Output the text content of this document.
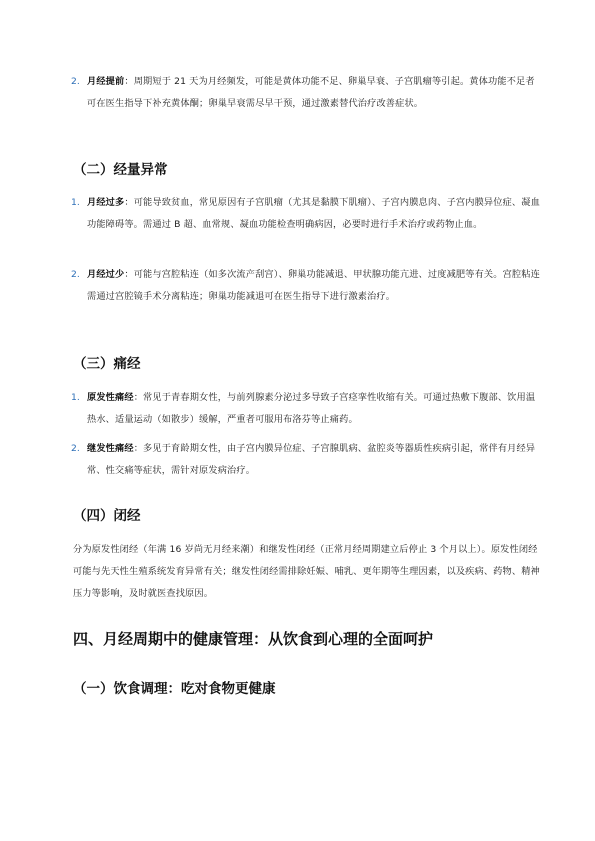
2. 月经提前：周期短于 21 天为月经频发，可能是黄体功能不足、卵巢早衰、子宫肌瘤等引起。黄体功能不足者可在医生指导下补充黄体酮；卵巢早衰需尽早干预，通过激素替代治疗改善症状。

（二）经量异常
1. 月经过多：可能导致贫血，常见原因有子宫肌瘤（尤其是黏膜下肌瘤）、子宫内膜息肉、子宫内膜异位症、凝血功能障碍等。需通过 B 超、血常规、凝血功能检查明确病因，必要时进行手术治疗或药物止血。

2. 月经过少：可能与宫腔粘连（如多次流产刮宫）、卵巢功能减退、甲状腺功能亢进、过度减肥等有关。宫腔粘连需通过宫腔镜手术分离粘连；卵巢功能减退可在医生指导下进行激素治疗。

（三）痛经
1. 原发性痛经：常见于青春期女性，与前列腺素分泌过多导致子宫痉挛性收缩有关。可通过热敷下腹部、饮用温热水、适量运动（如散步）缓解，严重者可服用布洛芬等止痛药。

2. 继发性痛经：多见于育龄期女性，由子宫内膜异位症、子宫腺肌病、盆腔炎等器质性疾病引起，常伴有月经异常、性交痛等症状，需针对原发病治疗。

（四）闭经

分为原发性闭经（年满 16 岁尚无月经来潮）和继发性闭经（正常月经周期建立后停止 3 个月以上）。原发性闭经可能与先天性生殖系统发育异常有关；继发性闭经需排除妊娠、哺乳、更年期等生理因素，以及疾病、药物、精神压力等影响，及时就医查找原因。

四、月经周期中的健康管理：从饮食到心理的全面呵护
（一）饮食调理：吃对食物更健康
